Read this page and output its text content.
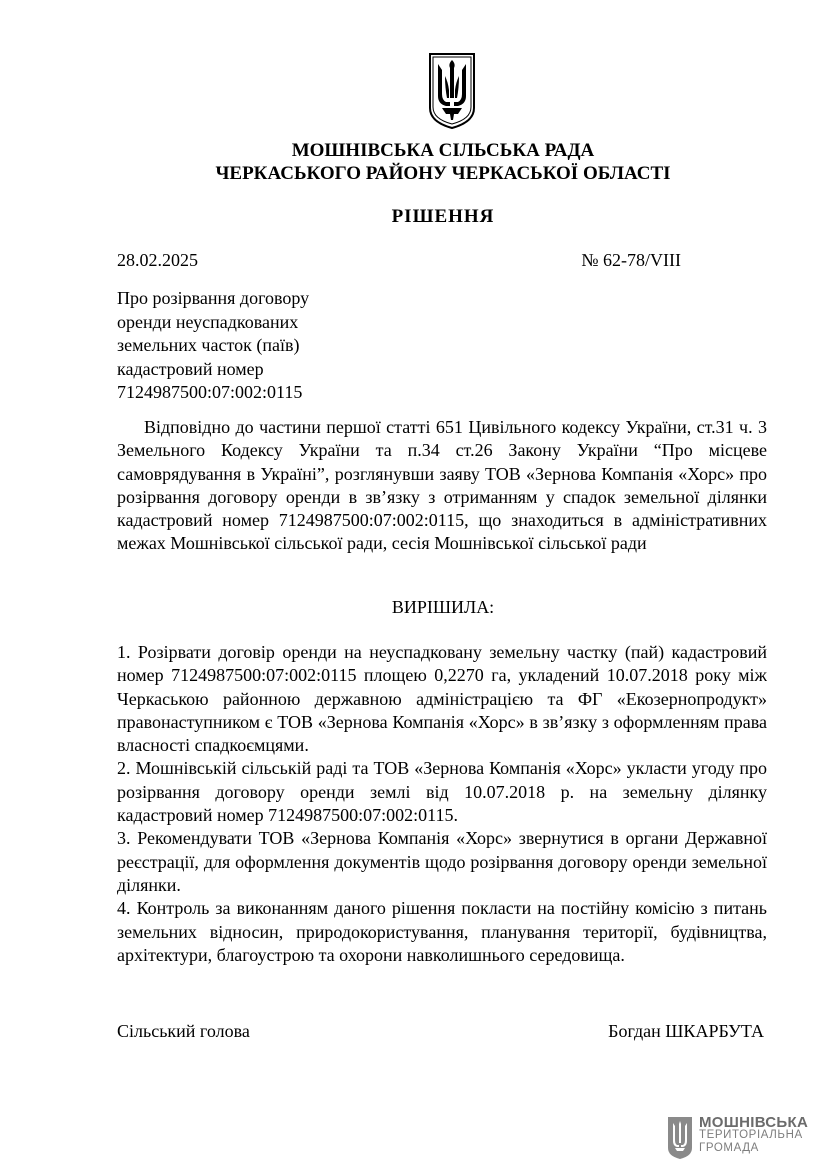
МОШНІВСЬКА СІЛЬСЬКА РАДА
ЧЕРКАСЬКОГО РАЙОНУ ЧЕРКАСЬКОЇ ОБЛАСТІ
РІШЕННЯ
28.02.2025	№ 62-78/VIII
Про розірвання договору
оренди неуспадкованих
земельних часток (паїв)
кадастровий номер
7124987500:07:002:0115

Відповідно до частини першої статті 651 Цивільного кодексу України, ст.31 ч. 3 Земельного Кодексу України та п.34 ст.26 Закону України “Про місцеве самоврядування в Україні”, розглянувши заяву ТОВ «Зернова Компанія «Хорс» про розірвання договору оренди в зв’язку з отриманням у спадок земельної ділянки кадастровий номер 7124987500:07:002:0115, що знаходиться в адміністративних межах Мошнівської сільської ради, сесія Мошнівської сільської ради

ВИРІШИЛА:

1. Розірвати договір оренди на неуспадковану земельну частку (пай) кадастровий номер 7124987500:07:002:0115 площею 0,2270 га, укладений 10.07.2018 року між Черкаською районною державною адміністрацією та ФГ «Екозернопродукт» правонаступником є ТОВ «Зернова Компанія «Хорс» в зв’язку з оформленням права власності спадкоємцями.

2. Мошнівській сільській раді та ТОВ «Зернова Компанія «Хорс» укласти угоду про розірвання договору оренди землі від 10.07.2018 р. на земельну ділянку кадастровий номер 7124987500:07:002:0115.

3. Рекомендувати ТОВ «Зернова Компанія «Хорс» звернутися в органи Державної реєстрації, для оформлення документів щодо розірвання договору оренди земельної ділянки.

4. Контроль за виконанням даного рішення покласти на постійну комісію з питань земельних відносин, природокористування, планування території, будівництва, архітектури, благоустрою та охорони навколишнього середовища.

Сільський голова	Богдан ШКАРБУТА
МОШНІВСЬКА
ТЕРИТОРІАЛЬНА
ГРОМАДА
